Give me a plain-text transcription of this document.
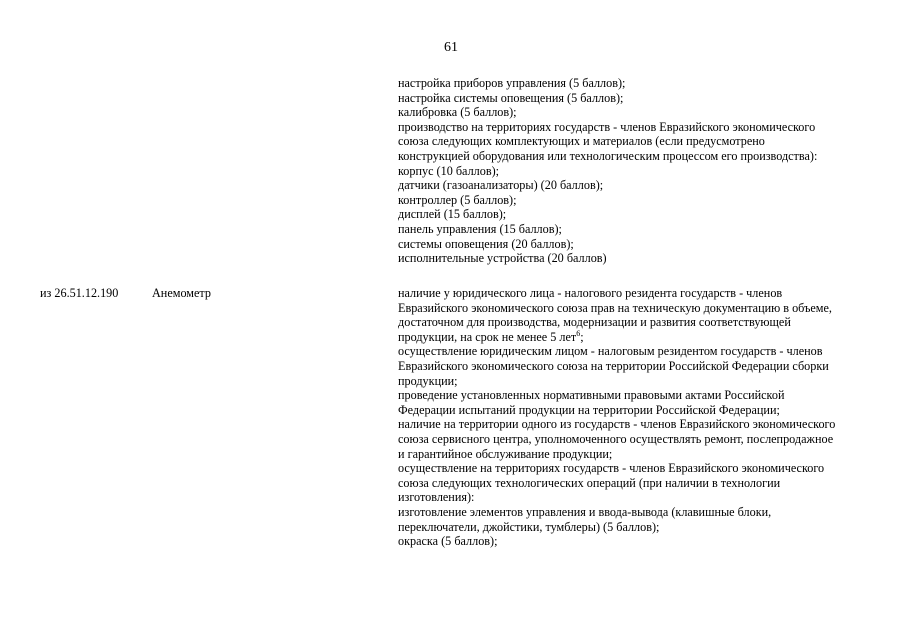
61
настройка приборов управления (5 баллов);
настройка системы оповещения (5 баллов);
калибровка (5 баллов);
производство на территориях государств - членов Евразийского экономического
союза следующих комплектующих и материалов (если предусмотрено
конструкцией оборудования или технологическим процессом его производства):
корпус (10 баллов);
датчики (газоанализаторы) (20 баллов);
контроллер (5 баллов);
дисплей (15 баллов);
панель управления (15 баллов);
системы оповещения (20 баллов);
исполнительные устройства (20 баллов)
из 26.51.12.190	Анемометр	наличие у юридического лица - налогового резидента государств - членов
Евразийского экономического союза прав на техническую документацию в объеме,
достаточном для производства, модернизации и развития соответствующей
продукции, на срок не менее 5 лет$^6$;
осуществление юридическим лицом - налоговым резидентом государств - членов
Евразийского экономического союза на территории Российской Федерации сборки
продукции;
проведение установленных нормативными правовыми актами Российской
Федерации испытаний продукции на территории Российской Федерации;
наличие на территории одного из государств - членов Евразийского экономического
союза сервисного центра, уполномоченного осуществлять ремонт, послепродажное
и гарантийное обслуживание продукции;
осуществление на территориях государств - членов Евразийского экономического
союза следующих технологических операций (при наличии в технологии
изготовления):
изготовление элементов управления и ввода-вывода (клавишные блоки,
переключатели, джойстики, тумблеры) (5 баллов);
окраска (5 баллов);
